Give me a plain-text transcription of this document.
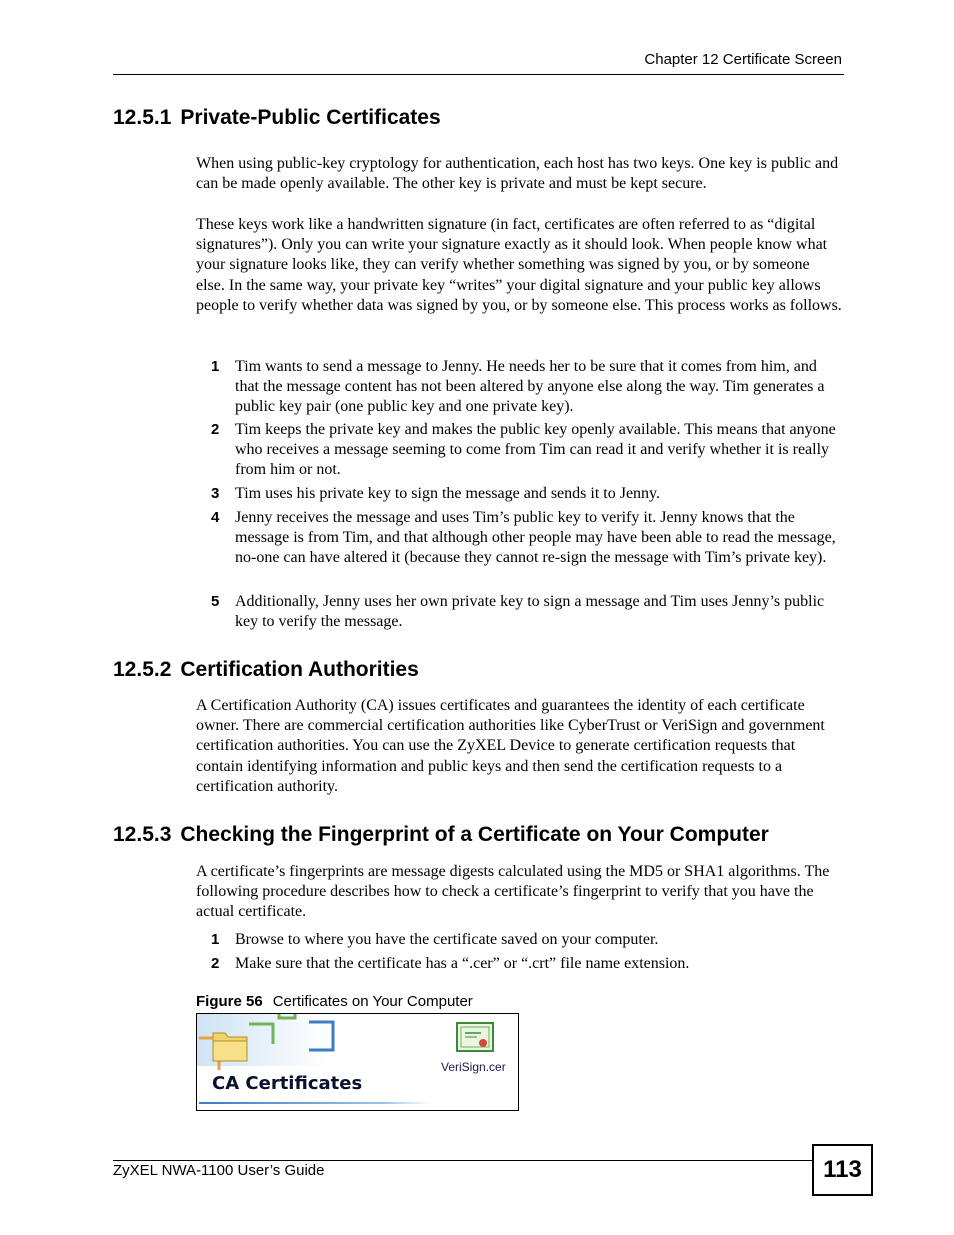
Chapter 12 Certificate Screen
12.5.1 Private-Public Certificates
When using public-key cryptology for authentication, each host has two keys. One key is public and can be made openly available. The other key is private and must be kept secure.
These keys work like a handwritten signature (in fact, certificates are often referred to as “digital signatures”). Only you can write your signature exactly as it should look. When people know what your signature looks like, they can verify whether something was signed by you, or by someone else. In the same way, your private key “writes” your digital signature and your public key allows people to verify whether data was signed by you, or by someone else. This process works as follows.
1 Tim wants to send a message to Jenny. He needs her to be sure that it comes from him, and that the message content has not been altered by anyone else along the way. Tim generates a public key pair (one public key and one private key).
2 Tim keeps the private key and makes the public key openly available. This means that anyone who receives a message seeming to come from Tim can read it and verify whether it is really from him or not.
3 Tim uses his private key to sign the message and sends it to Jenny.
4 Jenny receives the message and uses Tim’s public key to verify it. Jenny knows that the message is from Tim, and that although other people may have been able to read the message, no-one can have altered it (because they cannot re-sign the message with Tim’s private key).
5 Additionally, Jenny uses her own private key to sign a message and Tim uses Jenny’s public key to verify the message.
12.5.2 Certification Authorities
A Certification Authority (CA) issues certificates and guarantees the identity of each certificate owner. There are commercial certification authorities like CyberTrust or VeriSign and government certification authorities. You can use the ZyXEL Device to generate certification requests that contain identifying information and public keys and then send the certification requests to a certification authority.
12.5.3 Checking the Fingerprint of a Certificate on Your Computer
A certificate’s fingerprints are message digests calculated using the MD5 or SHA1 algorithms. The following procedure describes how to check a certificate’s fingerprint to verify that you have the actual certificate.
1 Browse to where you have the certificate saved on your computer.
2 Make sure that the certificate has a “.cer” or “.crt” file name extension.
Figure 56 Certificates on Your Computer
CA Certificates
VeriSign.cer
ZyXEL NWA-1100 User’s Guide	113
